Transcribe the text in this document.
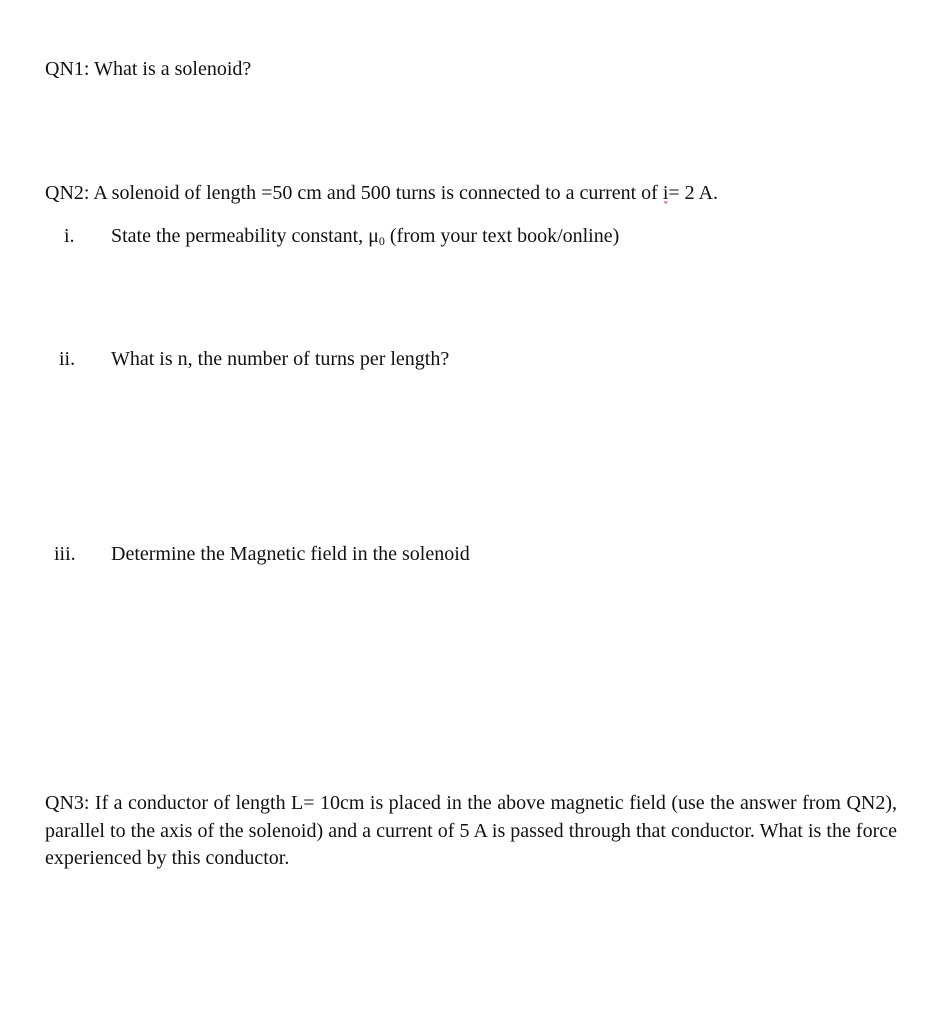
QN1: What is a solenoid?
QN2: A solenoid of length =50 cm and 500 turns is connected to a current of i
ˇ
= 2 A.
i. State the permeability constant, $\mu_0$ (from your text book/online)
ii. What is n, the number of turns per length?
iii. Determine the Magnetic field in the solenoid
QN3: If a conductor of length L= 10cm is placed in the above magnetic field (use the answer from QN2), parallel to the axis of the solenoid) and a current of 5 A is passed through that conductor. What is the force experienced by this conductor.
